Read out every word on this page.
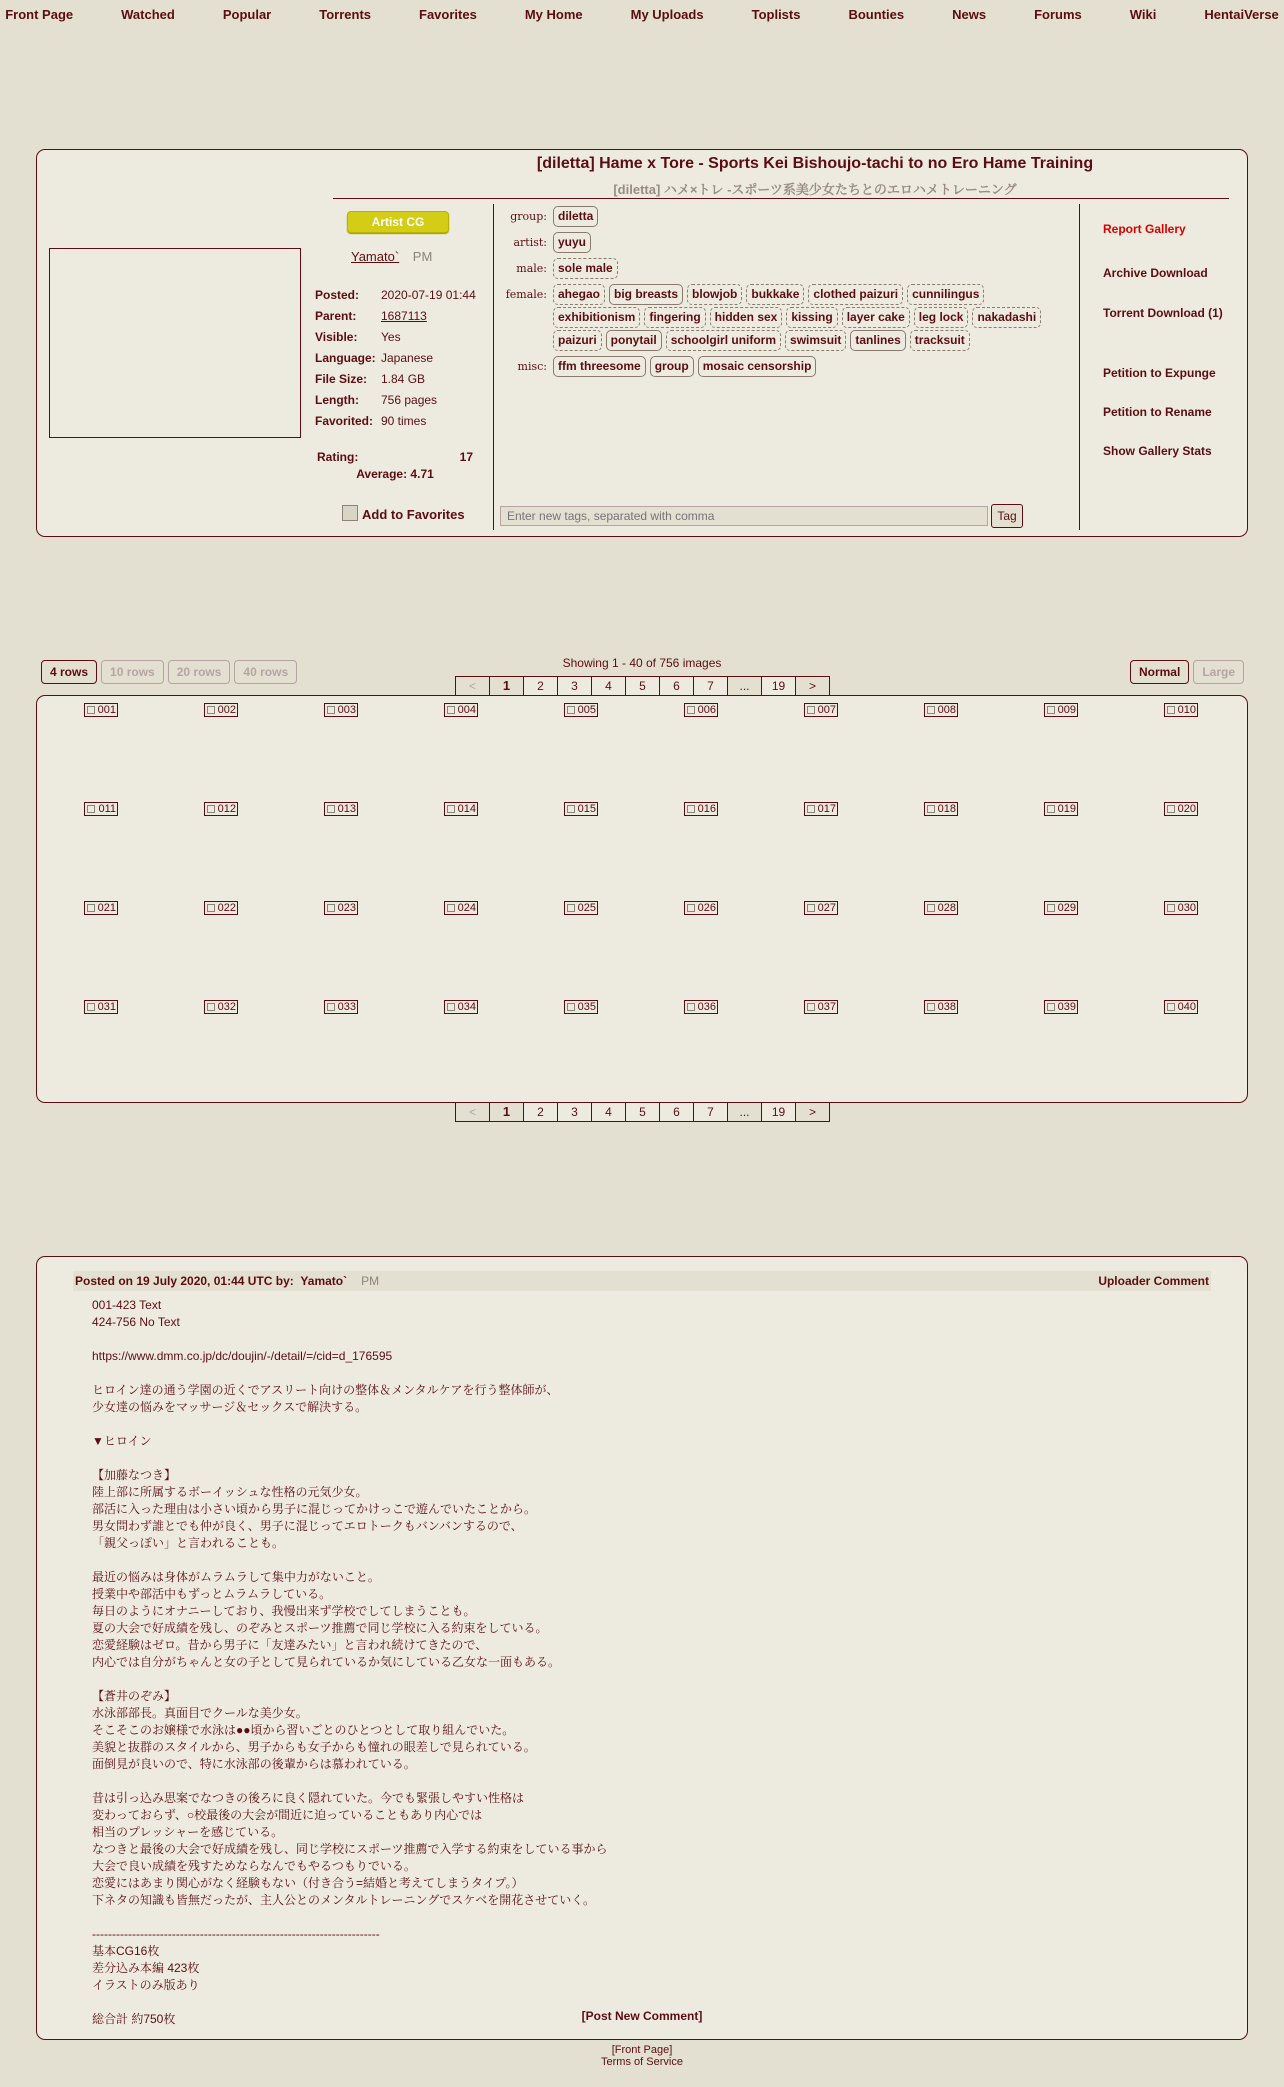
Front Page	Watched	Popular	Torrents	Favorites	My Home	My Uploads	Toplists	Bounties	News	Forums	Wiki	HentaiVerse
[diletta] Hame x Tore - Sports Kei Bishoujo-tachi to no Ero Hame Training
[diletta] ハメ×トレ -スポーツ系美少女たちとのエロハメトレーニング
Artist CG
Yamato` PM
Posted:	2020-07-19 01:44
Parent:	1687113
Visible:	Yes
Language: Japanese
File Size:	1.84 GB
Length:	756 pages
Favorited: 90 times
Rating:	17
Average: 4.71
Add to Favorites
group: diletta
artist: yuyu
male: sole male
female: ahegao	big breasts	blowjob	bukkake	clothed paizuri	cunnilingus
exhibitionism	fingering	hidden sex	kissing	layer cake	leg lock	nakadashi
paizuri	ponytail	schoolgirl uniform	swimsuit	tanlines	tracksuit
misc: ffm threesome	group	mosaic censorship
Enter new tags, separated with comma
Tag
Report Gallery
Archive Download
Torrent Download (1)
Petition to Expunge
Petition to Rename
Show Gallery Stats
4 rows	10 rows	20 rows	40 rows
Showing 1 - 40 of 756 images
Normal	Large
<	1	2	3	4	5	6	7	...	19	>
001	002	003	004	005	006	007	008	009	010
011	012	013	014	015	016	017	018	019	020
021	022	023	024	025	026	027	028	029	030
031	032	033	034	035	036	037	038	039	040
<	1	2	3	4	5	6	7	...	19	>
Posted on 19 July 2020, 01:44 UTC by: Yamato` PM	Uploader Comment
001-423 Text
424-756 No Text
https://www.dmm.co.jp/dc/doujin/-/detail/=/cid=d_176595
ヒロイン達の通う学園の近くでアスリート向けの整体＆メンタルケアを行う整体師が、
少女達の悩みをマッサージ＆セックスで解決する。
▼ヒロイン
【加藤なつき】
陸上部に所属するボーイッシュな性格の元気少女。
部活に入った理由は小さい頃から男子に混じってかけっこで遊んでいたことから。
男女問わず誰とでも仲が良く、男子に混じってエロトークもバンバンするので、
「親父っぽい」と言われることも。
最近の悩みは身体がムラムラして集中力がないこと。
授業中や部活中もずっとムラムラしている。
毎日のようにオナニーしており、我慢出来ず学校でしてしまうことも。
夏の大会で好成績を残し、のぞみとスポーツ推薦で同じ学校に入る約束をしている。
恋愛経験はゼロ。昔から男子に「友達みたい」と言われ続けてきたので、
内心では自分がちゃんと女の子として見られているか気にしている乙女な一面もある。
【蒼井のぞみ】
水泳部部長。真面目でクールな美少女。
そこそこのお嬢様で水泳は●●頃から習いごとのひとつとして取り組んでいた。
美貌と抜群のスタイルから、男子からも女子からも憧れの眼差しで見られている。
面倒見が良いので、特に水泳部の後輩からは慕われている。
昔は引っ込み思案でなつきの後ろに良く隠れていた。今でも緊張しやすい性格は
変わっておらず、○校最後の大会が間近に迫っていることもあり内心では
相当のプレッシャーを感じている。
なつきと最後の大会で好成績を残し、同じ学校にスポーツ推薦で入学する約束をしている事から
大会で良い成績を残すためならなんでもやるつもりでいる。
恋愛にはあまり関心がなく経験もない（付き合う=結婚と考えてしまうタイプ。）
下ネタの知識も皆無だったが、主人公とのメンタルトレーニングでスケベを開花させていく。
------------------------------------------------------------------------
基本CG16枚
差分込み本編 423枚
イラストのみ版あり
総合計 約750枚	[Post New Comment]
[Front Page]
Terms of Service
